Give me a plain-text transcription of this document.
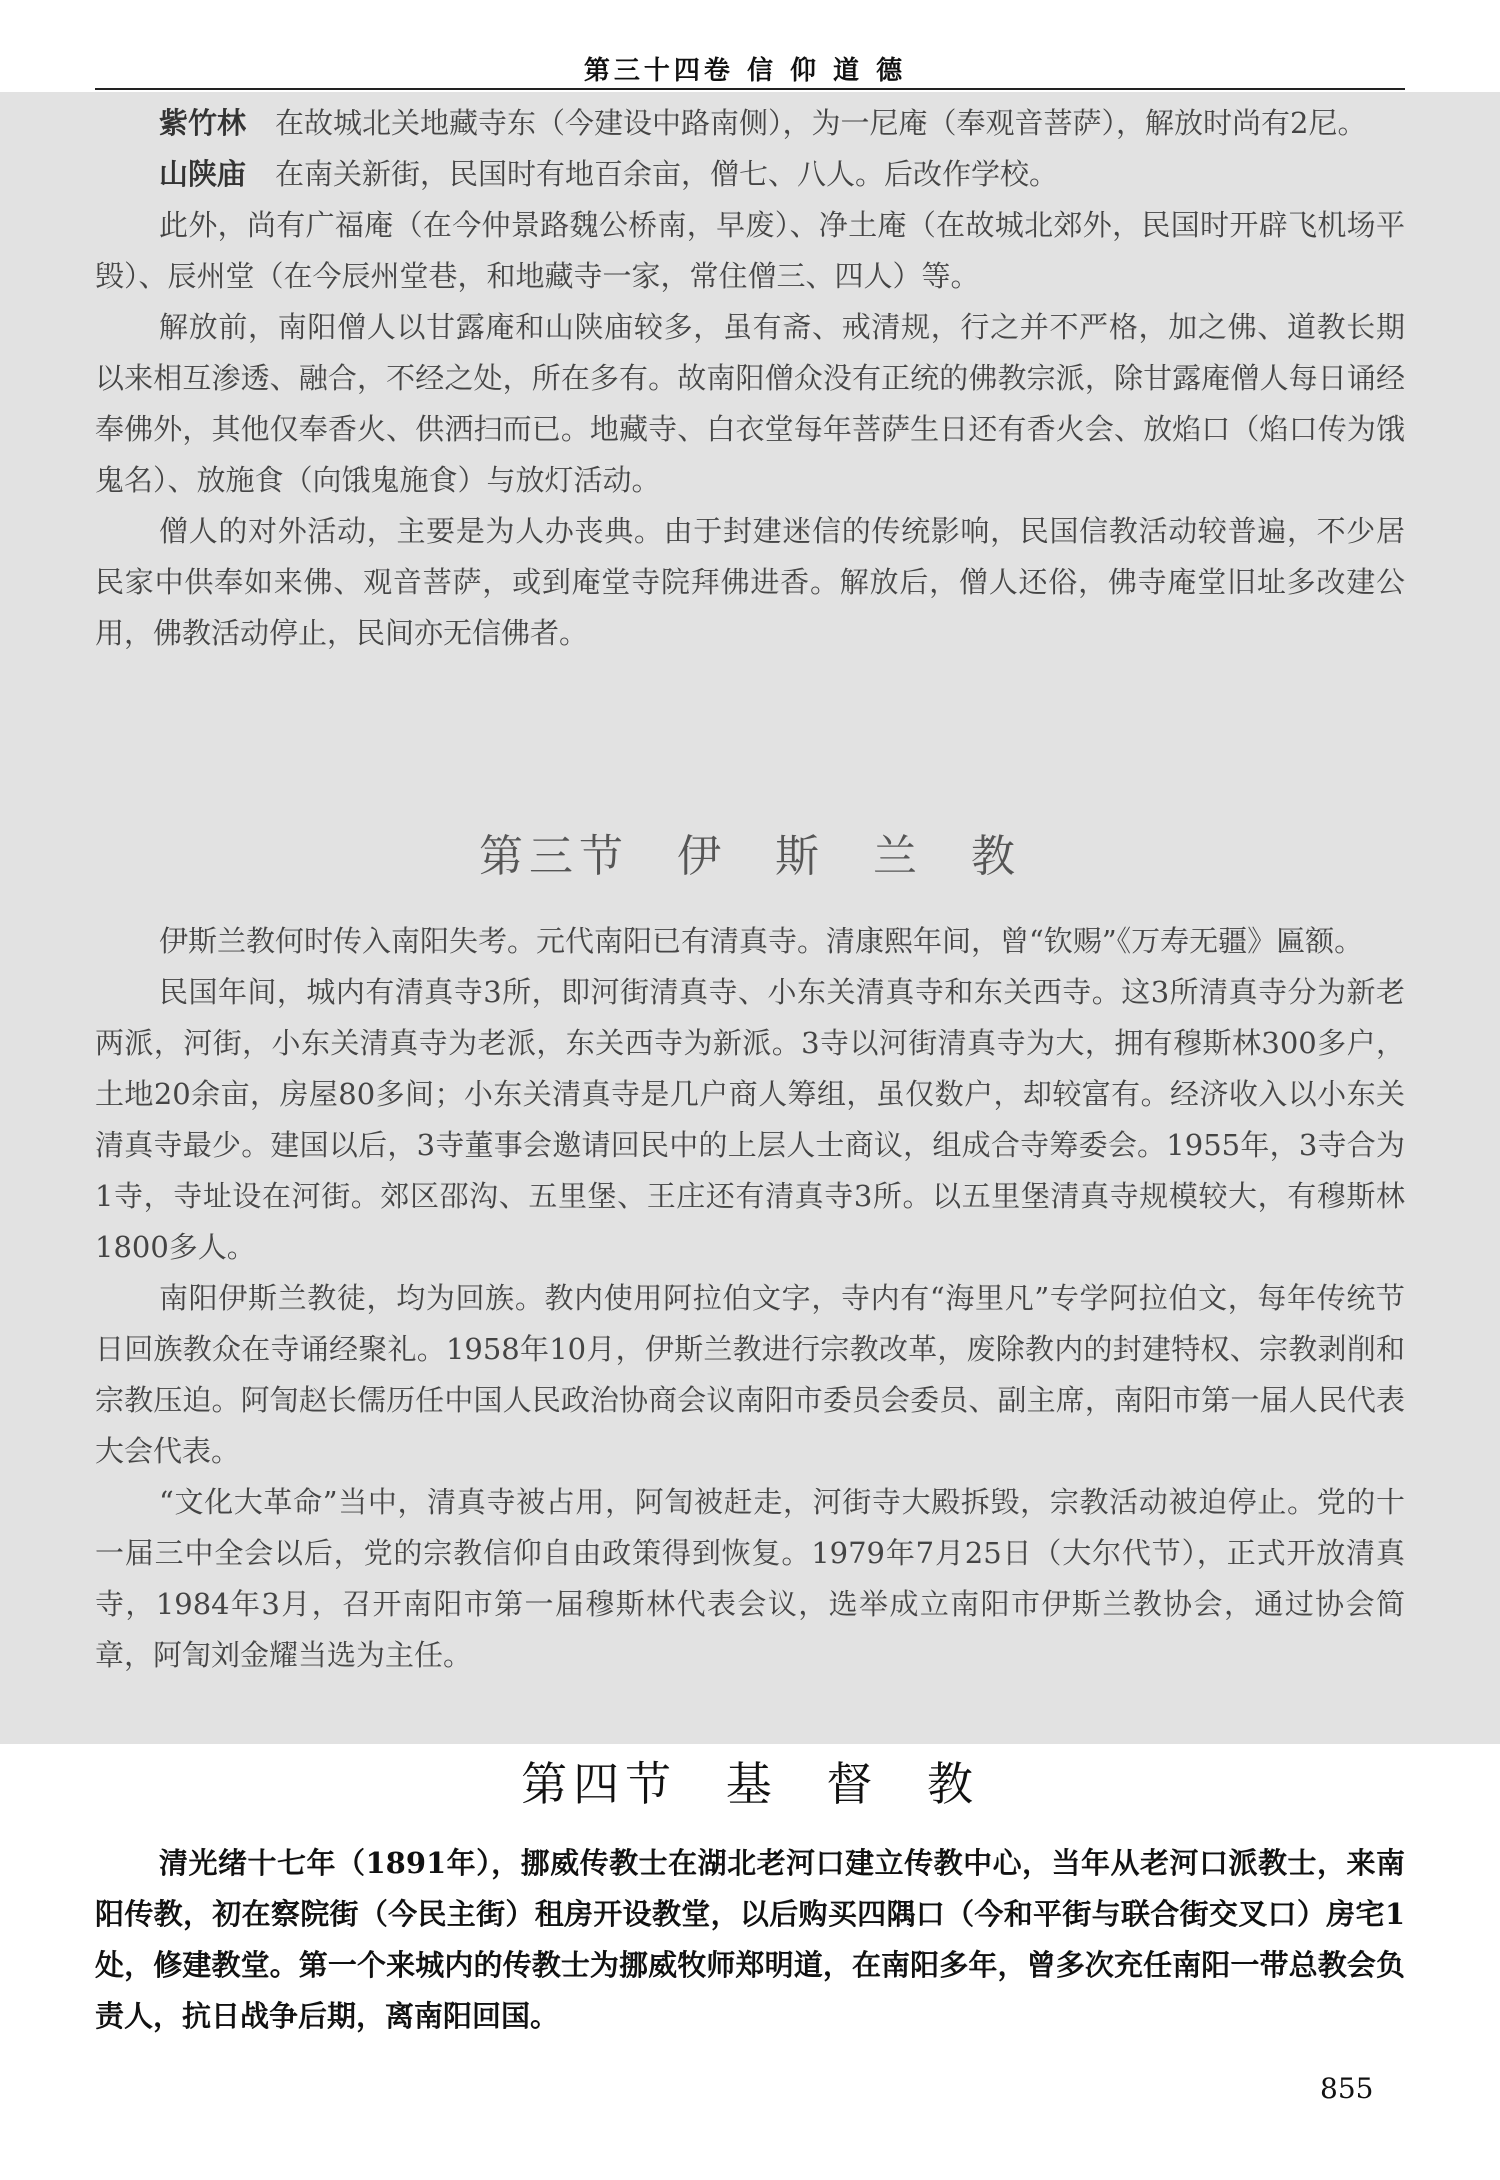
第三十四卷 信 仰 道 德

紫竹林　在故城北关地藏寺东（今建设中路南侧），为一尼庵（奉观音菩萨），解放时尚有2尼。

山陕庙　在南关新街，民国时有地百余亩，僧七、八人。后改作学校。

此外，尚有广福庵（在今仲景路魏公桥南，早废）、净土庵（在故城北郊外，民国时开辟飞机场平毁）、辰州堂（在今辰州堂巷，和地藏寺一家，常住僧三、四人）等。

解放前，南阳僧人以甘露庵和山陕庙较多，虽有斋、戒清规，行之并不严格，加之佛、道教长期以来相互渗透、融合，不经之处，所在多有。故南阳僧众没有正统的佛教宗派，除甘露庵僧人每日诵经奉佛外，其他仅奉香火、供洒扫而已。地藏寺、白衣堂每年菩萨生日还有香火会、放焰口（焰口传为饿鬼名）、放施食（向饿鬼施食）与放灯活动。

僧人的对外活动，主要是为人办丧典。由于封建迷信的传统影响，民国信教活动较普遍，不少居民家中供奉如来佛、观音菩萨，或到庵堂寺院拜佛进香。解放后，僧人还俗，佛寺庵堂旧址多改建公用，佛教活动停止，民间亦无信佛者。

第三节 伊 斯 兰 教

伊斯兰教何时传入南阳失考。元代南阳已有清真寺。清康熙年间，曾“钦赐”《万寿无疆》匾额。

民国年间，城内有清真寺3所，即河街清真寺、小东关清真寺和东关西寺。这3所清真寺分为新老两派，河街，小东关清真寺为老派，东关西寺为新派。3寺以河街清真寺为大，拥有穆斯林300多户，土地20余亩，房屋80多间；小东关清真寺是几户商人筹组，虽仅数户，却较富有。经济收入以小东关清真寺最少。建国以后，3寺董事会邀请回民中的上层人士商议，组成合寺筹委会。1955年，3寺合为1寺，寺址设在河街。郊区邵沟、五里堡、王庄还有清真寺3所。以五里堡清真寺规模较大，有穆斯林1800多人。

南阳伊斯兰教徒，均为回族。教内使用阿拉伯文字，寺内有“海里凡”专学阿拉伯文，每年传统节日回族教众在寺诵经聚礼。1958年10月，伊斯兰教进行宗教改革，废除教内的封建特权、宗教剥削和宗教压迫。阿訇赵长儒历任中国人民政治协商会议南阳市委员会委员、副主席，南阳市第一届人民代表大会代表。

“文化大革命”当中，清真寺被占用，阿訇被赶走，河街寺大殿拆毁，宗教活动被迫停止。党的十一届三中全会以后，党的宗教信仰自由政策得到恢复。1979年7月25日（大尔代节），正式开放清真寺，1984年3月，召开南阳市第一届穆斯林代表会议，选举成立南阳市伊斯兰教协会，通过协会简章，阿訇刘金耀当选为主任。

第四节 基 督 教

清光绪十七年（1891年），挪威传教士在湖北老河口建立传教中心，当年从老河口派教士，来南阳传教，初在察院街（今民主街）租房开设教堂，以后购买四隅口（今和平街与联合街交叉口）房宅1处，修建教堂。第一个来城内的传教士为挪威牧师郑明道，在南阳多年，曾多次充任南阳一带总教会负责人，抗日战争后期，离南阳回国。

855
